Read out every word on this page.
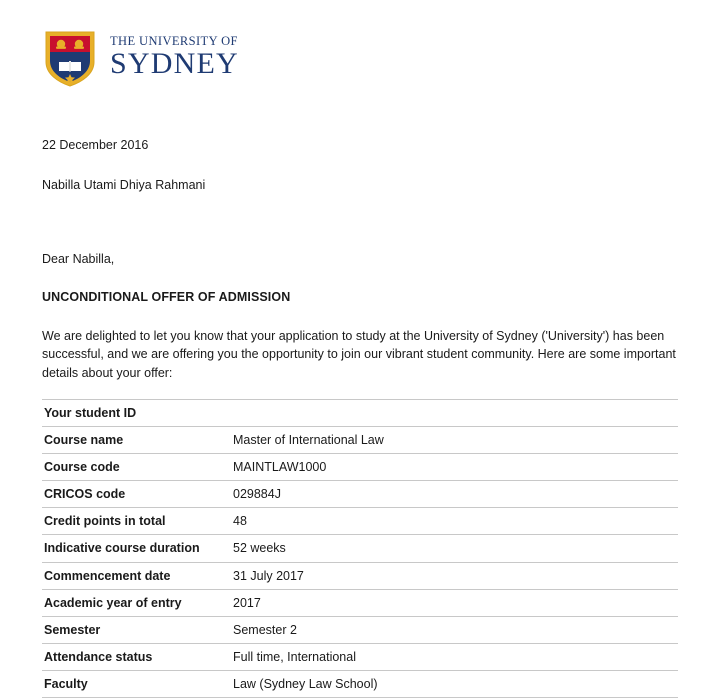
THE UNIVERSITY OF
SYDNEY
22 December 2016
Nabilla Utami Dhiya Rahmani
Dear Nabilla,
UNCONDITIONAL OFFER OF ADMISSION
We are delighted to let you know that your application to study at the University of Sydney ('University') has been successful, and we are offering you the opportunity to join our vibrant student community. Here are some important details about your offer:
Your student ID	
Course name	Master of International Law
Course code	MAINTLAW1000
CRICOS code	029884J
Credit points in total	48
Indicative course duration	52 weeks
Commencement date	31 July 2017
Academic year of entry	2017
Semester	Semester 2
Attendance status	Full time, International
Faculty	Law (Sydney Law School)
